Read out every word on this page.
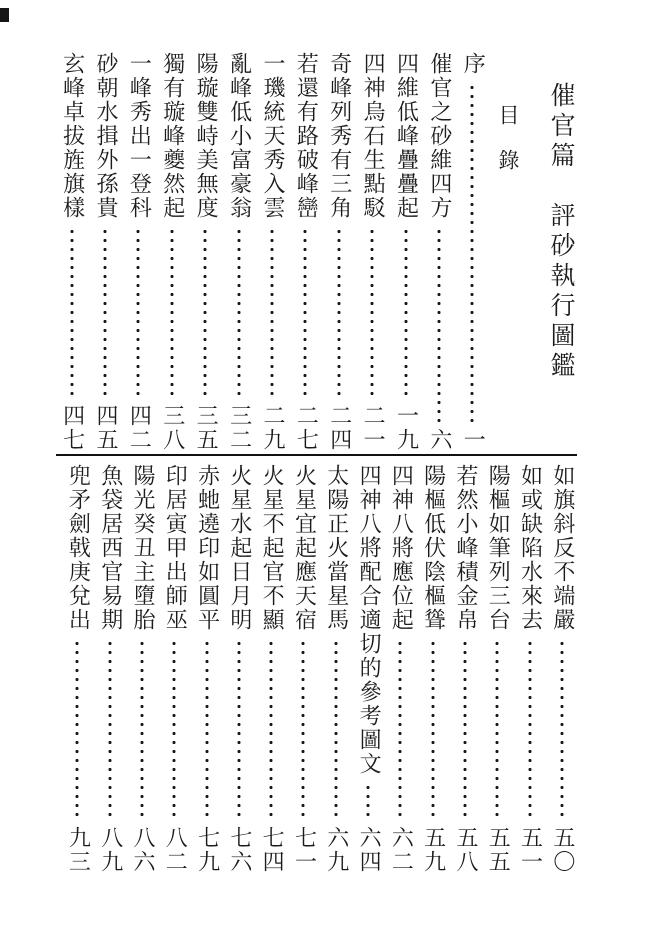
催官篇　評砂執行圖鑑
目錄
序
一
催官之砂維四方
六
四維低峰疊疊起
一九
四神烏石生點駁
二一
奇峰列秀有三角
二四
若還有路破峰巒
二七
一璣統天秀入雲
二九
亂峰低小富豪翁
三二
陽璇雙峙美無度
三五
獨有璇峰夔然起
三八
一峰秀出一登科
四二
砂朝水揖外孫貴
四五
玄峰卓拔旌旗樣
四七
如旗斜反不端嚴
五〇
如或缺陷水來去
五一
陽樞如筆列三台
五五
若然小峰積金帛
五八
陽樞低伏陰樞聳
五九
四神八將應位起
六二
四神八將配合適切的參考圖文
六四
太陽正火當星馬
六九
火星宜起應天宿
七一
火星不起官不顯
七四
火星水起日月明
七六
赤虵遶印如圓平
七九
印居寅甲出師巫
八二
陽光癸丑主墮胎
八六
魚袋居西官易期
八九
兜矛劍戟庚兌出
九三
